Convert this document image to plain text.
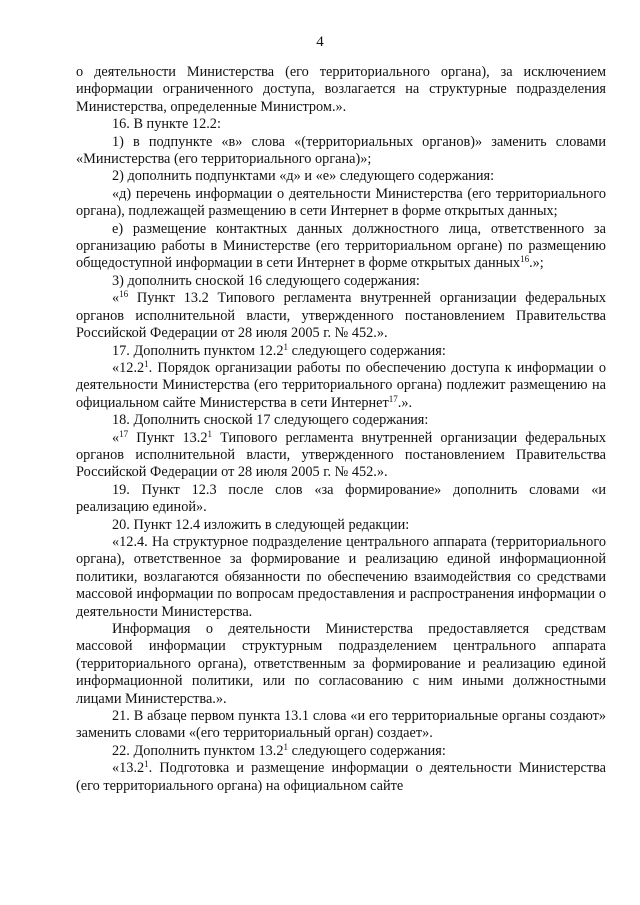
4

о деятельности Министерства (его территориального органа), за исключением информации ограниченного доступа, возлагается на структурные подразделения Министерства, определенные Министром.».

16. В пункте 12.2:

1) в подпункте «в» слова «(территориальных органов)» заменить словами «Министерства (его территориального органа)»;

2) дополнить подпунктами «д» и «е» следующего содержания:

«д) перечень информации о деятельности Министерства (его территориального органа), подлежащей размещению в сети Интернет в форме открытых данных;

е) размещение контактных данных должностного лица, ответственного за организацию работы в Министерстве (его территориальном органе) по размещению общедоступной информации в сети Интернет в форме открытых данных$^{16}$.»;

3) дополнить сноской 16 следующего содержания:

«$^{16}$ Пункт 13.2 Типового регламента внутренней организации федеральных органов исполнительной власти, утвержденного постановлением Правительства Российской Федерации от 28 июля 2005 г. № 452.».

17. Дополнить пунктом 12.2$^1$ следующего содержания:

«12.2$^1$. Порядок организации работы по обеспечению доступа к информации о деятельности Министерства (его территориального органа) подлежит размещению на официальном сайте Министерства в сети Интернет$^{17}$.».

18. Дополнить сноской 17 следующего содержания:

«$^{17}$ Пункт 13.2$^1$ Типового регламента внутренней организации федеральных органов исполнительной власти, утвержденного постановлением Правительства Российской Федерации от 28 июля 2005 г. № 452.».

19. Пункт 12.3 после слов «за формирование» дополнить словами «и реализацию единой».

20. Пункт 12.4 изложить в следующей редакции:

«12.4. На структурное подразделение центрального аппарата (территориального органа), ответственное за формирование и реализацию единой информационной политики, возлагаются обязанности по обеспечению взаимодействия со средствами массовой информации по вопросам предоставления и распространения информации о деятельности Министерства.

Информация о деятельности Министерства предоставляется средствам массовой информации структурным подразделением центрального аппарата (территориального органа), ответственным за формирование и реализацию единой информационной политики, или по согласованию с ним иными должностными лицами Министерства.».

21. В абзаце первом пункта 13.1 слова «и его территориальные органы создают» заменить словами «(его территориальный орган) создает».

22. Дополнить пунктом 13.2$^1$ следующего содержания:

«13.2$^1$. Подготовка и размещение информации о деятельности Министерства (его территориального органа) на официальном сайте
